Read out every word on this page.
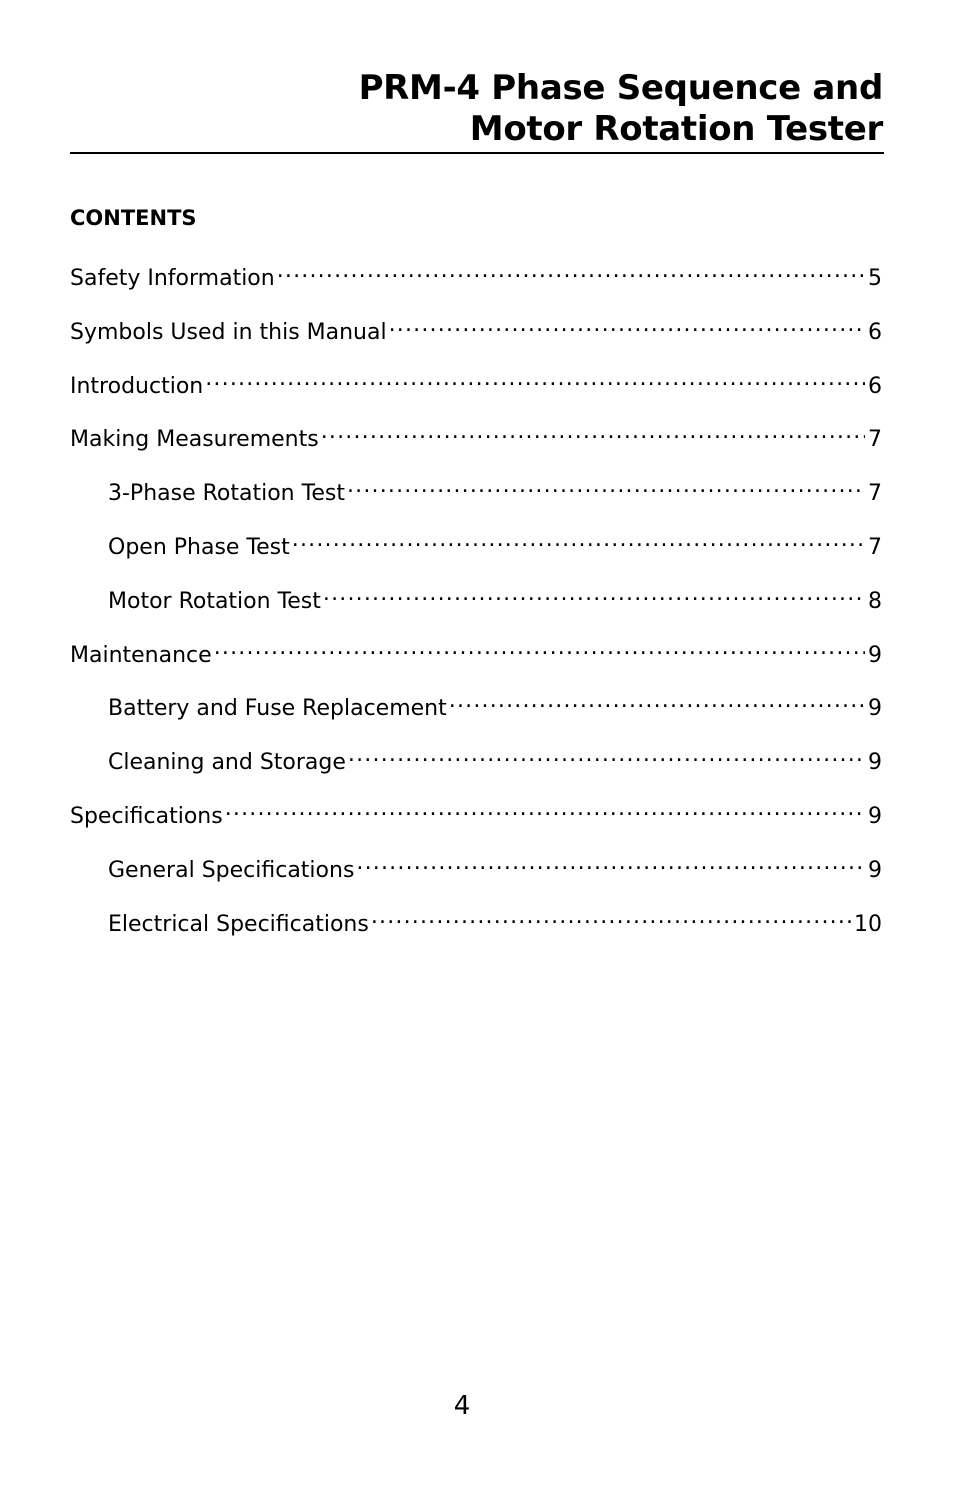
PRM-4 Phase Sequence and
Motor Rotation Tester
CONTENTS
Safety Information .....	5
Symbols Used in this Manual .....	6
Introduction .....	6
Making Measurements .....	7
3-Phase Rotation Test .....	7
Open Phase Test .....	7
Motor Rotation Test .....	8
Maintenance .....	9
Battery and Fuse Replacement .....	9
Cleaning and Storage .....	9
Specifications .....	9
General Specifications .....	9
Electrical Specifications .....	10
4
